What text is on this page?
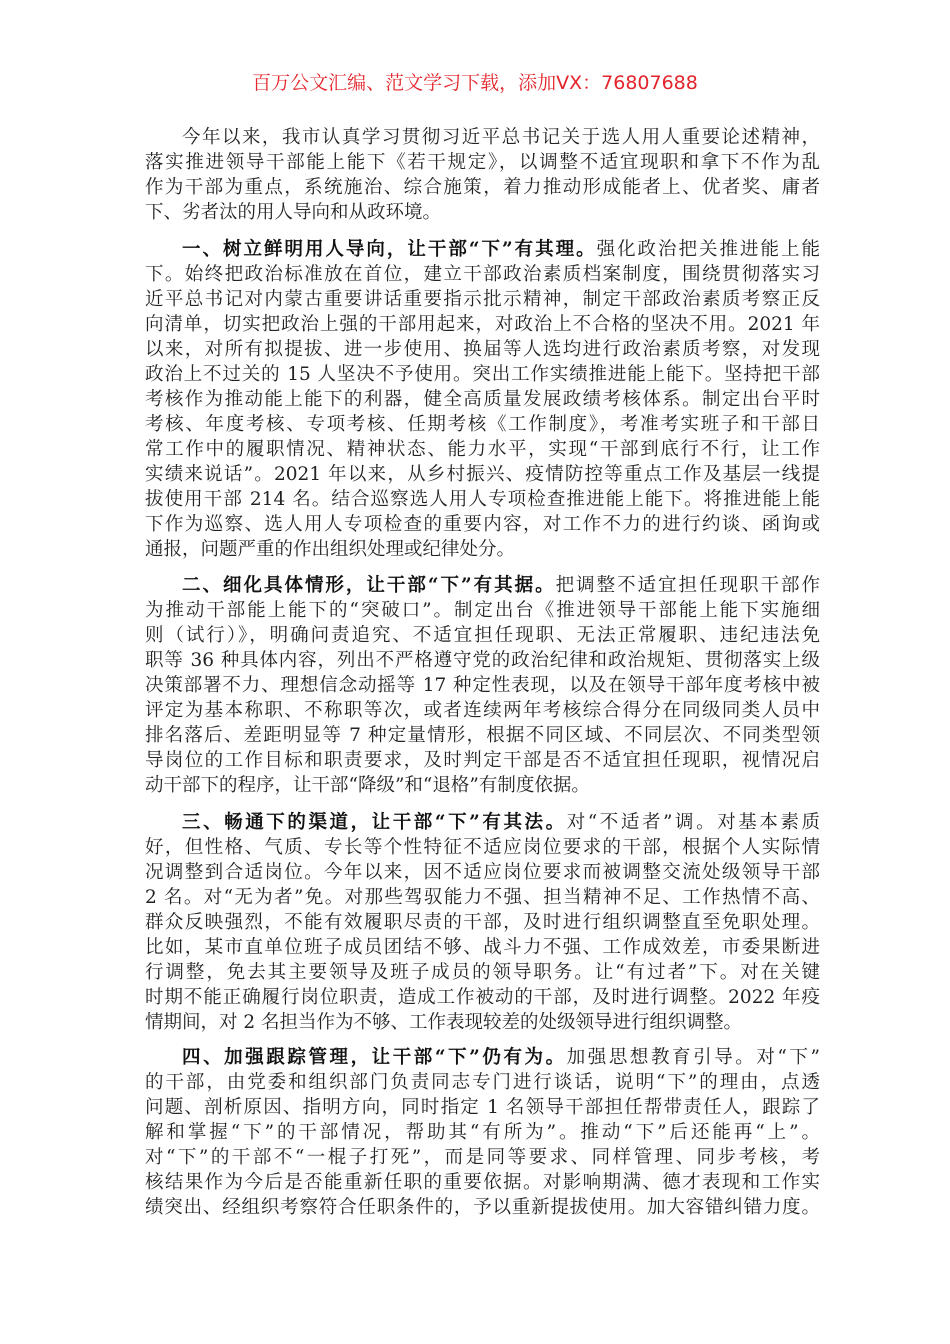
百万公文汇编、范文学习下载，添加VX：76807688
今年以来，我市认真学习贯彻习近平总书记关于选人用人重要论述精神，
落实推进领导干部能上能下《若干规定》，以调整不适宜现职和拿下不作为乱
作为干部为重点，系统施治、综合施策，着力推动形成能者上、优者奖、庸者
下、劣者汰的用人导向和从政环境。
一、树立鲜明用人导向，让干部“下”有其理。强化政治把关推进能上能
下。始终把政治标准放在首位，建立干部政治素质档案制度，围绕贯彻落实习
近平总书记对内蒙古重要讲话重要指示批示精神，制定干部政治素质考察正反
向清单，切实把政治上强的干部用起来，对政治上不合格的坚决不用。2021 年
以来，对所有拟提拔、进一步使用、换届等人选均进行政治素质考察，对发现
政治上不过关的 15 人坚决不予使用。突出工作实绩推进能上能下。坚持把干部
考核作为推动能上能下的利器，健全高质量发展政绩考核体系。制定出台平时
考核、年度考核、专项考核、任期考核《工作制度》，考准考实班子和干部日
常工作中的履职情况、精神状态、能力水平，实现“干部到底行不行，让工作
实绩来说话”。2021 年以来，从乡村振兴、疫情防控等重点工作及基层一线提
拔使用干部 214 名。结合巡察选人用人专项检查推进能上能下。将推进能上能
下作为巡察、选人用人专项检查的重要内容，对工作不力的进行约谈、函询或
通报，问题严重的作出组织处理或纪律处分。
二、细化具体情形，让干部“下”有其据。把调整不适宜担任现职干部作
为推动干部能上能下的“突破口”。制定出台《推进领导干部能上能下实施细
则（试行）》，明确问责追究、不适宜担任现职、无法正常履职、违纪违法免
职等 36 种具体内容，列出不严格遵守党的政治纪律和政治规矩、贯彻落实上级
决策部署不力、理想信念动摇等 17 种定性表现，以及在领导干部年度考核中被
评定为基本称职、不称职等次，或者连续两年考核综合得分在同级同类人员中
排名落后、差距明显等 7 种定量情形，根据不同区域、不同层次、不同类型领
导岗位的工作目标和职责要求，及时判定干部是否不适宜担任现职，视情况启
动干部下的程序，让干部“降级”和“退格”有制度依据。
三、畅通下的渠道，让干部“下”有其法。对“不适者”调。对基本素质
好，但性格、气质、专长等个性特征不适应岗位要求的干部，根据个人实际情
况调整到合适岗位。今年以来，因不适应岗位要求而被调整交流处级领导干部
2 名。对“无为者”免。对那些驾驭能力不强、担当精神不足、工作热情不高、
群众反映强烈，不能有效履职尽责的干部，及时进行组织调整直至免职处理。
比如，某市直单位班子成员团结不够、战斗力不强、工作成效差，市委果断进
行调整，免去其主要领导及班子成员的领导职务。让“有过者”下。对在关键
时期不能正确履行岗位职责，造成工作被动的干部，及时进行调整。2022 年疫
情期间，对 2 名担当作为不够、工作表现较差的处级领导进行组织调整。
四、加强跟踪管理，让干部“下”仍有为。加强思想教育引导。对“下”
的干部，由党委和组织部门负责同志专门进行谈话，说明“下”的理由，点透
问题、剖析原因、指明方向，同时指定 1 名领导干部担任帮带责任人，跟踪了
解和掌握“下”的干部情况，帮助其“有所为”。推动“下”后还能再“上”。
对“下”的干部不“一棍子打死”，而是同等要求、同样管理、同步考核，考
核结果作为今后是否能重新任职的重要依据。对影响期满、德才表现和工作实
绩突出、经组织考察符合任职条件的，予以重新提拔使用。加大容错纠错力度。
